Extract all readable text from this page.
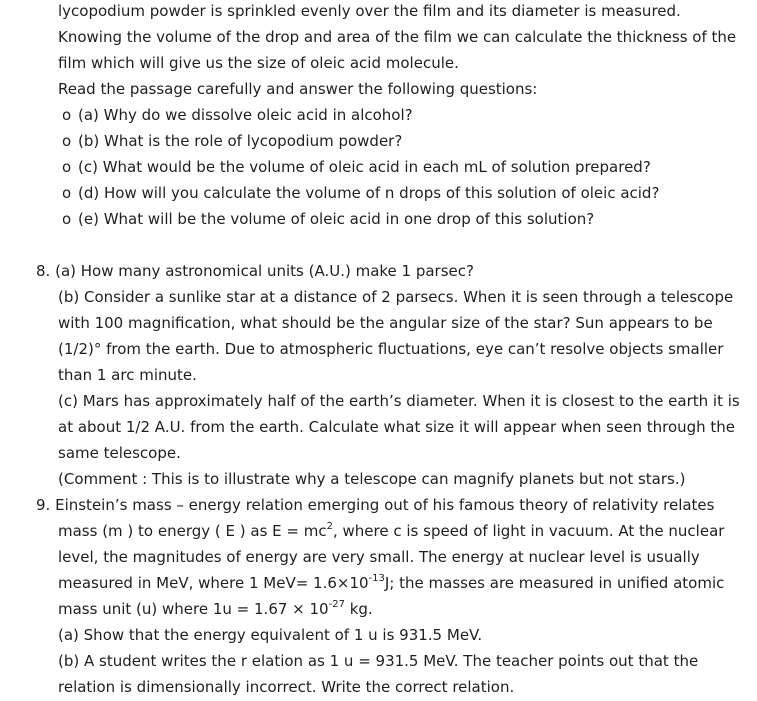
lycopodium powder is sprinkled evenly over the film and its diameter is measured.
Knowing the volume of the drop and area of the film we can calculate the thickness of the
film which will give us the size of oleic acid molecule.
Read the passage carefully and answer the following questions:
o (a) Why do we dissolve oleic acid in alcohol?
o (b) What is the role of lycopodium powder?
o (c) What would be the volume of oleic acid in each mL of solution prepared?
o (d) How will you calculate the volume of n drops of this solution of oleic acid?
o (e) What will be the volume of oleic acid in one drop of this solution?
8. (a) How many astronomical units (A.U.) make 1 parsec?
(b) Consider a sunlike star at a distance of 2 parsecs. When it is seen through a telescope
with 100 magnification, what should be the angular size of the star? Sun appears to be
(1/2)° from the earth. Due to atmospheric fluctuations, eye can’t resolve objects smaller
than 1 arc minute.
(c) Mars has approximately half of the earth’s diameter. When it is closest to the earth it is
at about 1/2 A.U. from the earth. Calculate what size it will appear when seen through the
same telescope.
(Comment : This is to illustrate why a telescope can magnify planets but not stars.)
9. Einstein’s mass – energy relation emerging out of his famous theory of relativity relates
mass (m ) to energy ( E ) as $E = mc^2$, where c is speed of light in vacuum. At the nuclear
level, the magnitudes of energy are very small. The energy at nuclear level is usually
measured in MeV, where 1 $MeV= 1.6\times 10^{-13}J$; the masses are measured in unified atomic
mass unit (u) where $1u = 1.67 \times 10^{-27}$ kg.
(a) Show that the energy equivalent of 1 u is 931.5 MeV.
(b) A student writes the r elation as 1 u = 931.5 MeV. The teacher points out that the
relation is dimensionally incorrect. Write the correct relation.
